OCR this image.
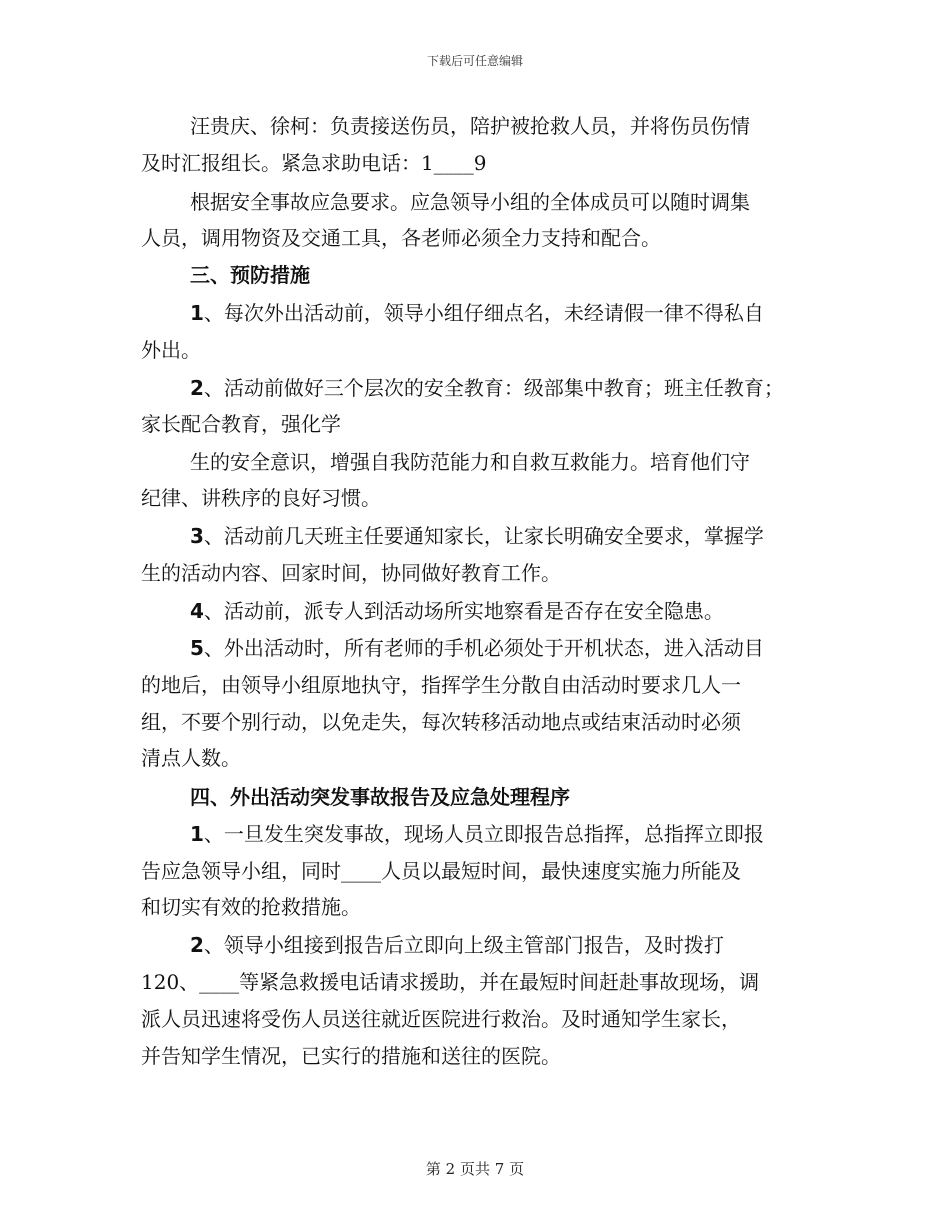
下载后可任意编辑
汪贵庆、徐柯：负责接送伤员，陪护被抢救人员，并将伤员伤情
及时汇报组长。紧急求助电话：1____9
根据安全事故应急要求。应急领导小组的全体成员可以随时调集
人员，调用物资及交通工具，各老师必须全力支持和配合。
三、预防措施
1、每次外出活动前，领导小组仔细点名，未经请假一律不得私自
外出。
2、活动前做好三个层次的安全教育：级部集中教育；班主任教育；
家长配合教育，强化学
生的安全意识，增强自我防范能力和自救互救能力。培育他们守
纪律、讲秩序的良好习惯。
3、活动前几天班主任要通知家长，让家长明确安全要求，掌握学
生的活动内容、回家时间，协同做好教育工作。
4、活动前，派专人到活动场所实地察看是否存在安全隐患。
5、外出活动时，所有老师的手机必须处于开机状态，进入活动目
的地后，由领导小组原地执守，指挥学生分散自由活动时要求几人一
组，不要个别行动，以免走失，每次转移活动地点或结束活动时必须
清点人数。
四、外出活动突发事故报告及应急处理程序
1、一旦发生突发事故，现场人员立即报告总指挥，总指挥立即报
告应急领导小组，同时____人员以最短时间，最快速度实施力所能及
和切实有效的抢救措施。
2、领导小组接到报告后立即向上级主管部门报告，及时拨打
120、____等紧急救援电话请求援助，并在最短时间赶赴事故现场，调
派人员迅速将受伤人员送往就近医院进行救治。及时通知学生家长，
并告知学生情况，已实行的措施和送往的医院。
第 2 页共 7 页
